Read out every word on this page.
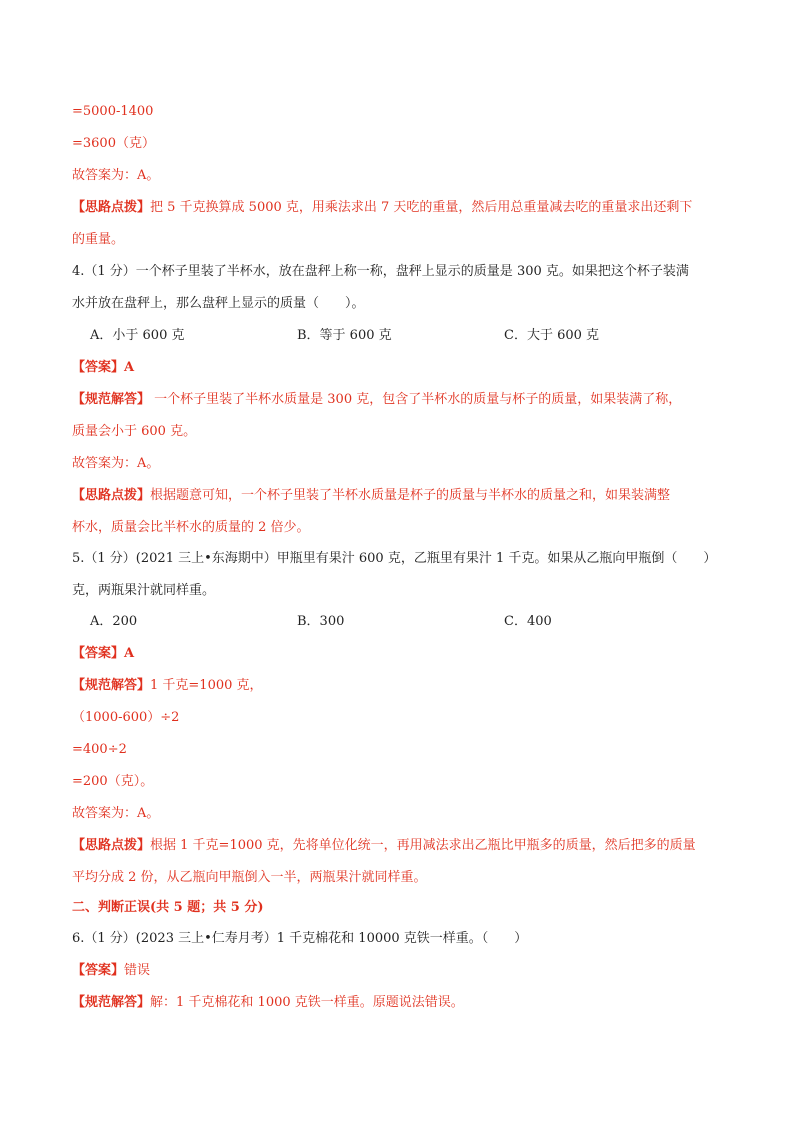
=5000-1400
=3600（克）
故答案为：A。
【思路点拨】把 5 千克换算成 5000 克，用乘法求出 7 天吃的重量，然后用总重量减去吃的重量求出还剩下
的重量。
4.（1 分）一个杯子里装了半杯水，放在盘秤上称一称，盘秤上显示的质量是 300 克。如果把这个杯子装满
水并放在盘秤上，那么盘秤上显示的质量（　　）。
A．小于 600 克	B．等于 600 克	C．大于 600 克
【答案】A
【规范解答】 一个杯子里装了半杯水质量是 300 克，包含了半杯水的质量与杯子的质量，如果装满了称，
质量会小于 600 克。
故答案为：A。
【思路点拨】根据题意可知，一个杯子里装了半杯水质量是杯子的质量与半杯水的质量之和，如果装满整
杯水，质量会比半杯水的质量的 2 倍少。
5.（1 分）(2021 三上•东海期中）甲瓶里有果汁 600 克，乙瓶里有果汁 1 千克。如果从乙瓶向甲瓶倒（　　）
克，两瓶果汁就同样重。
A．200	B．300	C．400
【答案】A
【规范解答】1 千克=1000 克，
（1000-600）÷2
=400÷2
=200（克）。
故答案为：A。
【思路点拨】根据 1 千克=1000 克，先将单位化统一，再用减法求出乙瓶比甲瓶多的质量，然后把多的质量
平均分成 2 份，从乙瓶向甲瓶倒入一半，两瓶果汁就同样重。
二、判断正误(共 5 题；共 5 分)
6.（1 分）(2023 三上•仁寿月考）1 千克棉花和 10000 克铁一样重。（　　）
【答案】错误
【规范解答】解：1 千克棉花和 1000 克铁一样重。原题说法错误。
